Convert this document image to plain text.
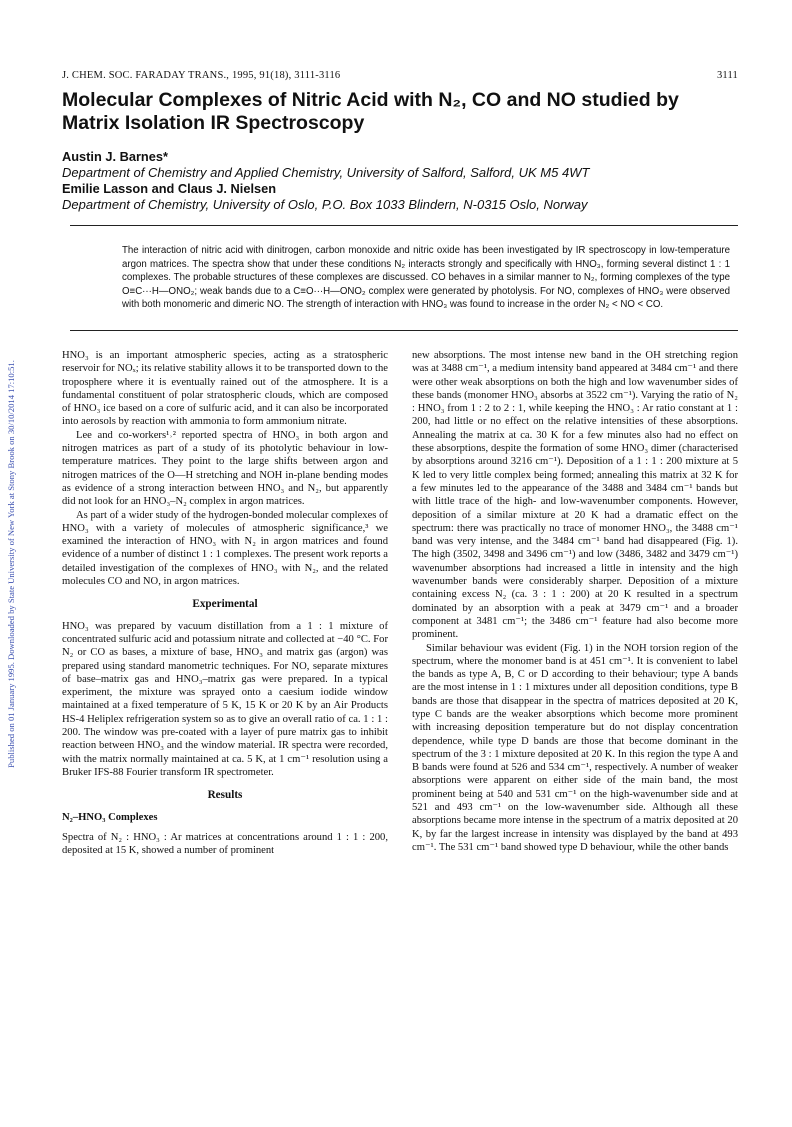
Published on 01 January 1995. Downloaded by State University of New York at Stony Brook on 30/10/2014 17:10:51.
J. CHEM. SOC. FARADAY TRANS., 1995, 91(18), 3111-3116	3111
Molecular Complexes of Nitric Acid with N₂, CO and NO studied by Matrix Isolation IR Spectroscopy
Austin J. Barnes*
Department of Chemistry and Applied Chemistry, University of Salford, Salford, UK M5 4WT
Emilie Lasson and Claus J. Nielsen
Department of Chemistry, University of Oslo, P.O. Box 1033 Blindern, N-0315 Oslo, Norway
The interaction of nitric acid with dinitrogen, carbon monoxide and nitric oxide has been investigated by IR spectroscopy in low-temperature argon matrices. The spectra show that under these conditions N₂ interacts strongly and specifically with HNO₃, forming several distinct 1 : 1 complexes. The probable structures of these complexes are discussed. CO behaves in a similar manner to N₂, forming complexes of the type O≡C···H—ONO₂; weak bands due to a C≡O···H—ONO₂ complex were generated by photolysis. For NO, complexes of HNO₃ were observed with both monomeric and dimeric NO. The strength of interaction with HNO₃ was found to increase in the order N₂ < NO < CO.

HNO₃ is an important atmospheric species, acting as a stratospheric reservoir for NOₓ; its relative stability allows it to be transported down to the troposphere where it is eventually rained out of the atmosphere. It is a fundamental constituent of polar stratospheric clouds, which are composed of HNO₃ ice based on a core of sulfuric acid, and it can also be incorporated into aerosols by reaction with ammonia to form ammonium nitrate.

Lee and co-workers¹˒² reported spectra of HNO₃ in both argon and nitrogen matrices as part of a study of its photolytic behaviour in low-temperature matrices. They point to the large shifts between argon and nitrogen matrices of the O—H stretching and NOH in-plane bending modes as evidence of a strong interaction between HNO₃ and N₂, but apparently did not look for an HNO₃–N₂ complex in argon matrices.

As part of a wider study of the hydrogen-bonded molecular complexes of HNO₃ with a variety of molecules of atmospheric significance,³ we examined the interaction of HNO₃ with N₂ in argon matrices and found evidence of a number of distinct 1 : 1 complexes. The present work reports a detailed investigation of the complexes of HNO₃ with N₂, and the related molecules CO and NO, in argon matrices.

Experimental

HNO₃ was prepared by vacuum distillation from a 1 : 1 mixture of concentrated sulfuric acid and potassium nitrate and collected at −40 °C. For N₂ or CO as bases, a mixture of base, HNO₃ and matrix gas (argon) was prepared using standard manometric techniques. For NO, separate mixtures of base–matrix gas and HNO₃–matrix gas were prepared. In a typical experiment, the mixture was sprayed onto a caesium iodide window maintained at a fixed temperature of 5 K, 15 K or 20 K by an Air Products HS-4 Heliplex refrigeration system so as to give an overall ratio of ca. 1 : 1 : 200. The window was pre-coated with a layer of pure matrix gas to inhibit reaction between HNO₃ and the window material. IR spectra were recorded, with the matrix normally maintained at ca. 5 K, at 1 cm⁻¹ resolution using a Bruker IFS-88 Fourier transform IR spectrometer.

Results
N₂–HNO₃ Complexes

Spectra of N₂ : HNO₃ : Ar matrices at concentrations around 1 : 1 : 200, deposited at 15 K, showed a number of prominent

new absorptions. The most intense new band in the OH stretching region was at 3488 cm⁻¹, a medium intensity band appeared at 3484 cm⁻¹ and there were other weak absorptions on both the high and low wavenumber sides of these bands (monomer HNO₃ absorbs at 3522 cm⁻¹). Varying the ratio of N₂ : HNO₃ from 1 : 2 to 2 : 1, while keeping the HNO₃ : Ar ratio constant at 1 : 200, had little or no effect on the relative intensities of these absorptions. Annealing the matrix at ca. 30 K for a few minutes also had no effect on these absorptions, despite the formation of some HNO₃ dimer (characterised by absorptions around 3216 cm⁻¹). Deposition of a 1 : 1 : 200 mixture at 5 K led to very little complex being formed; annealing this matrix at 32 K for a few minutes led to the appearance of the 3488 and 3484 cm⁻¹ bands but with little trace of the high- and low-wavenumber components. However, deposition of a similar mixture at 20 K had a dramatic effect on the spectrum: there was practically no trace of monomer HNO₃, the 3488 cm⁻¹ band was very intense, and the 3484 cm⁻¹ band had disappeared (Fig. 1). The high (3502, 3498 and 3496 cm⁻¹) and low (3486, 3482 and 3479 cm⁻¹) wavenumber absorptions had increased a little in intensity and the high wavenumber bands were considerably sharper. Deposition of a mixture containing excess N₂ (ca. 3 : 1 : 200) at 20 K resulted in a spectrum dominated by an absorption with a peak at 3479 cm⁻¹ and a broader component at 3481 cm⁻¹; the 3486 cm⁻¹ feature had also become more prominent.

Similar behaviour was evident (Fig. 1) in the NOH torsion region of the spectrum, where the monomer band is at 451 cm⁻¹. It is convenient to label the bands as type A, B, C or D according to their behaviour; type A bands are the most intense in 1 : 1 mixtures under all deposition conditions, type B bands are those that disappear in the spectra of matrices deposited at 20 K, type C bands are the weaker absorptions which become more prominent with increasing deposition temperature but do not display concentration dependence, while type D bands are those that become dominant in the spectrum of the 3 : 1 mixture deposited at 20 K. In this region the type A and B bands were found at 526 and 534 cm⁻¹, respectively. A number of weaker absorptions were apparent on either side of the main band, the most prominent being at 540 and 531 cm⁻¹ on the high-wavenumber side and at 521 and 493 cm⁻¹ on the low-wavenumber side. Although all these absorptions became more intense in the spectrum of a matrix deposited at 20 K, by far the largest increase in intensity was displayed by the band at 493 cm⁻¹. The 531 cm⁻¹ band showed type D behaviour, while the other bands
